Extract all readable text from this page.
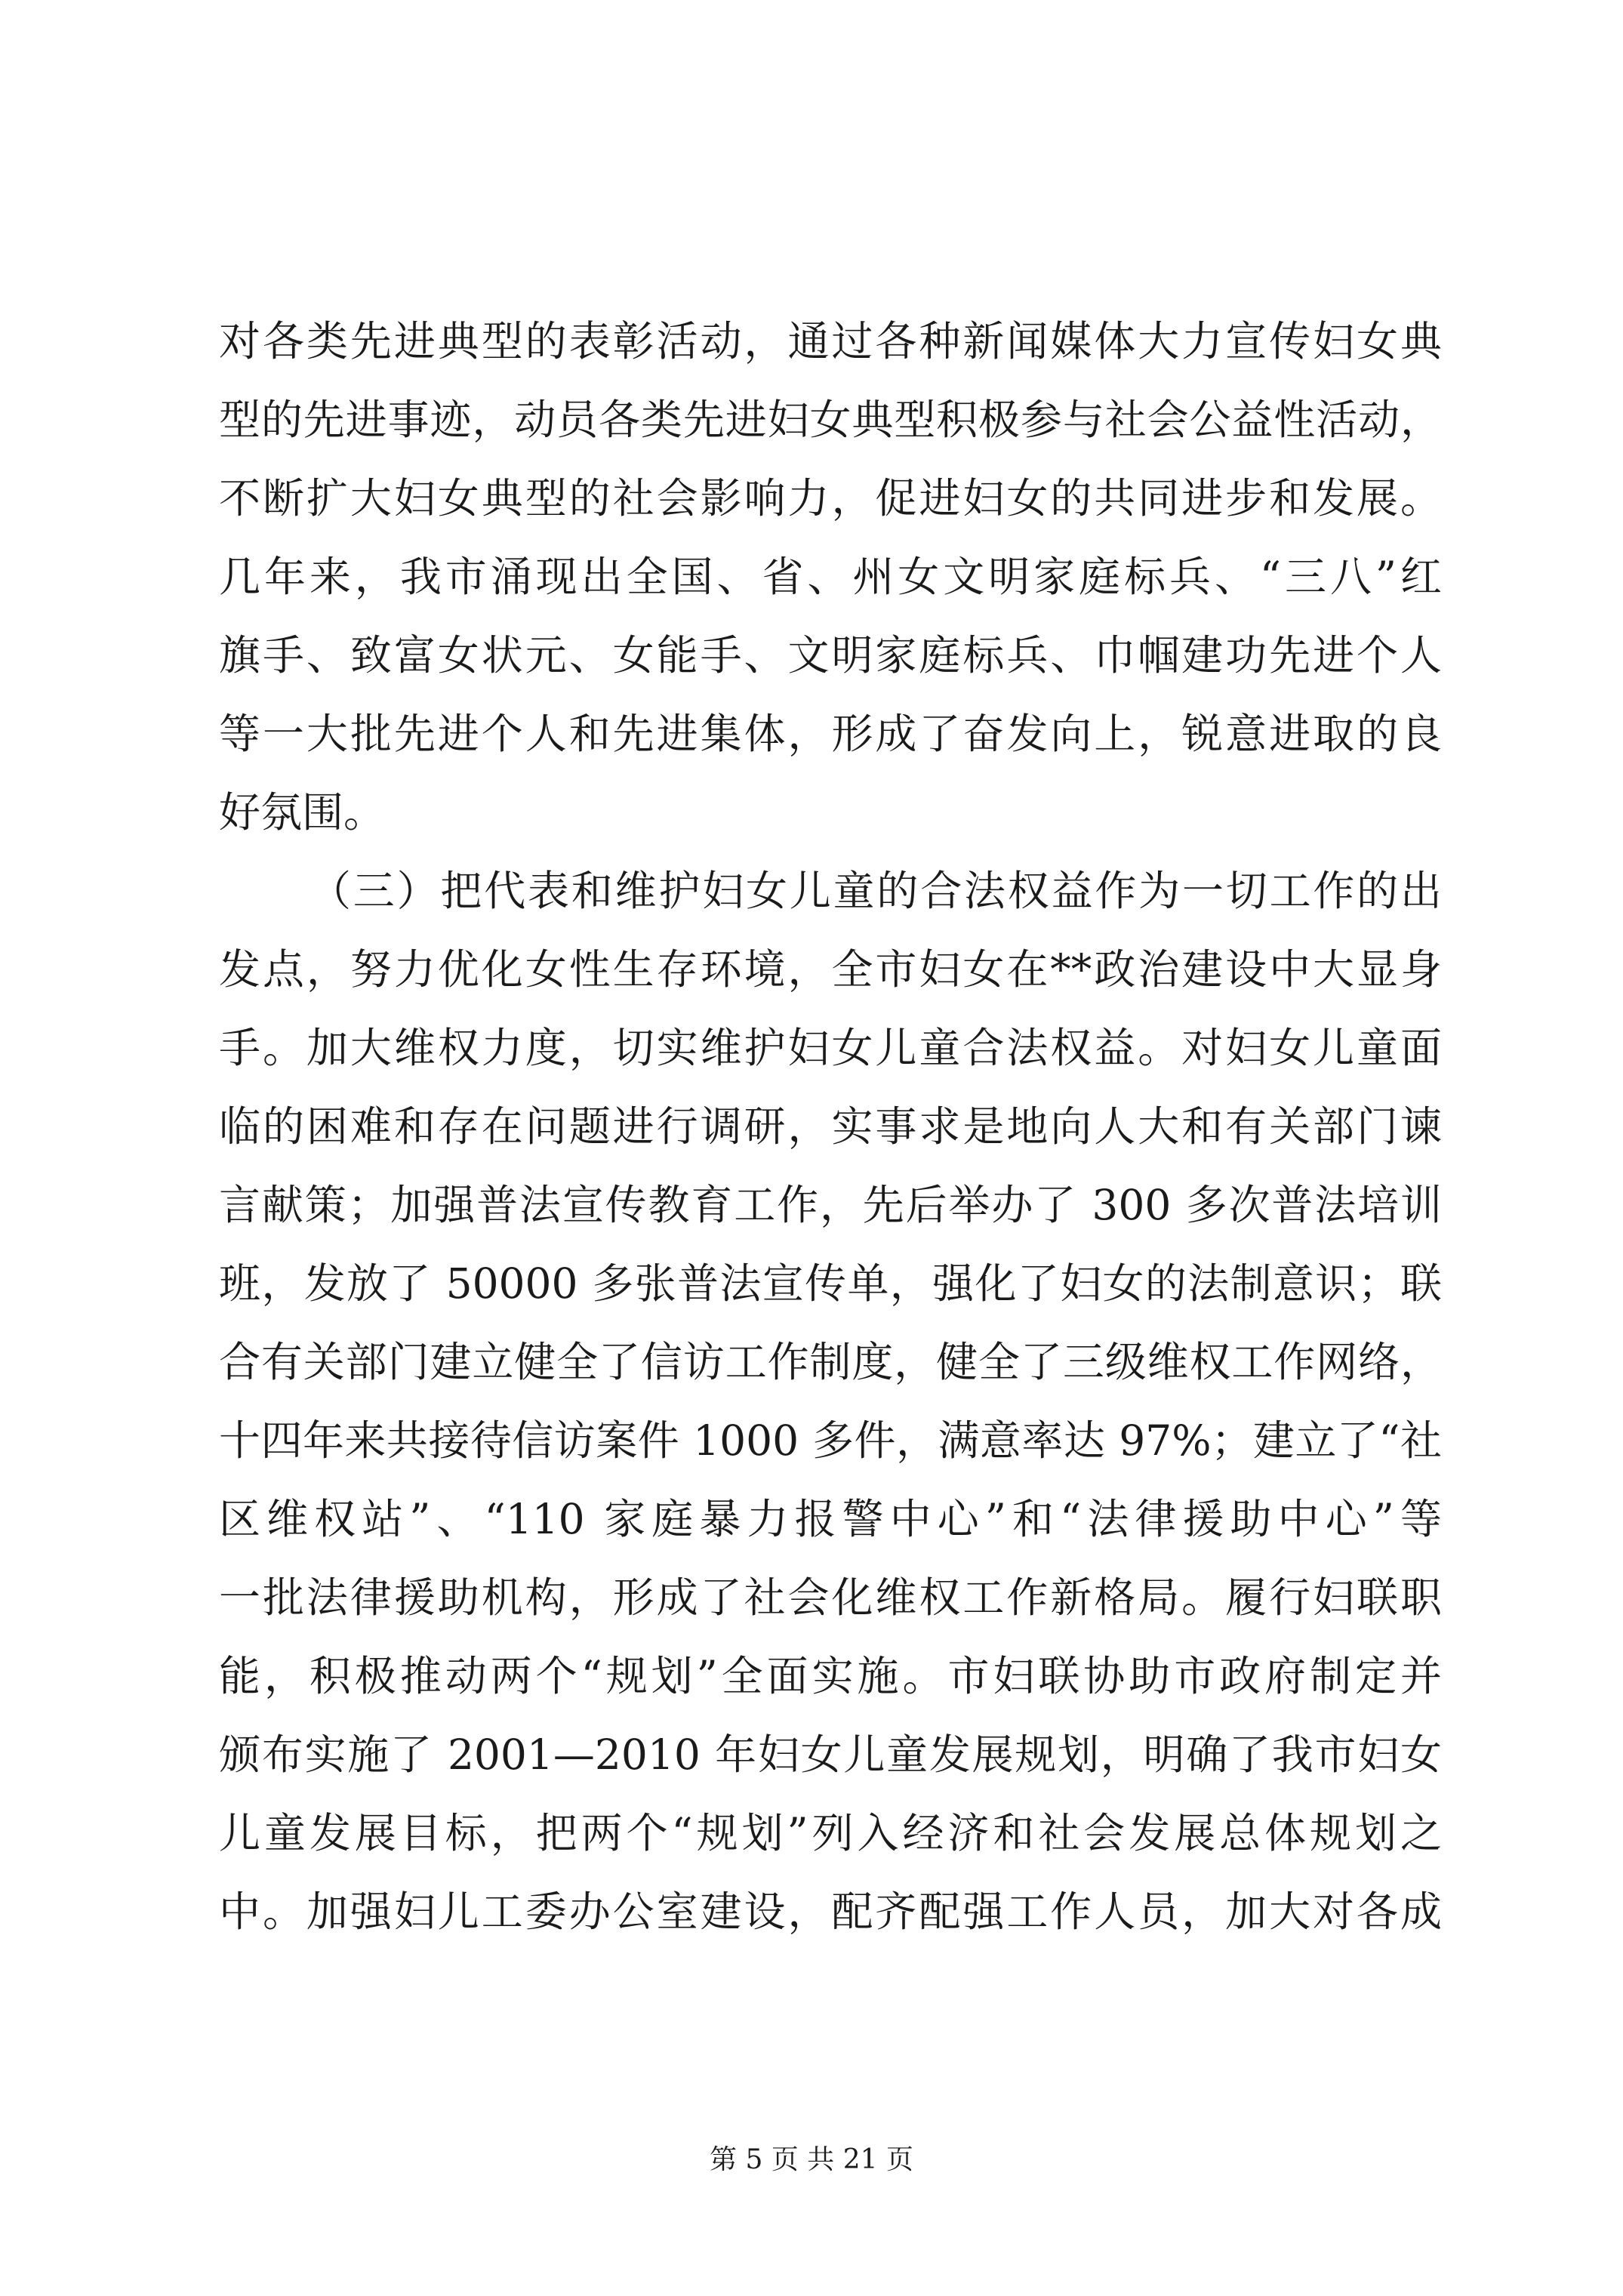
对各类先进典型的表彰活动，通过各种新闻媒体大力宣传妇女典
型的先进事迹，动员各类先进妇女典型积极参与社会公益性活动，
不断扩大妇女典型的社会影响力，促进妇女的共同进步和发展。
几年来，我市涌现出全国、省、州女文明家庭标兵、“三八”红
旗手、致富女状元、女能手、文明家庭标兵、巾帼建功先进个人
等一大批先进个人和先进集体，形成了奋发向上，锐意进取的良
好氛围。
（三）把代表和维护妇女儿童的合法权益作为一切工作的出
发点，努力优化女性生存环境，全市妇女在**政治建设中大显身
手。加大维权力度，切实维护妇女儿童合法权益。对妇女儿童面
临的困难和存在问题进行调研，实事求是地向人大和有关部门谏
言献策；加强普法宣传教育工作，先后举办了 300 多次普法培训
班，发放了 50000 多张普法宣传单，强化了妇女的法制意识；联
合有关部门建立健全了信访工作制度，健全了三级维权工作网络，
十四年来共接待信访案件 1000 多件，满意率达 97%；建立了“社
区维权站”、“110 家庭暴力报警中心”和“法律援助中心”等
一批法律援助机构，形成了社会化维权工作新格局。履行妇联职
能，积极推动两个“规划”全面实施。市妇联协助市政府制定并
颁布实施了 2001—2010 年妇女儿童发展规划，明确了我市妇女
儿童发展目标，把两个“规划”列入经济和社会发展总体规划之
中。加强妇儿工委办公室建设，配齐配强工作人员，加大对各成
第 5 页 共 21 页
